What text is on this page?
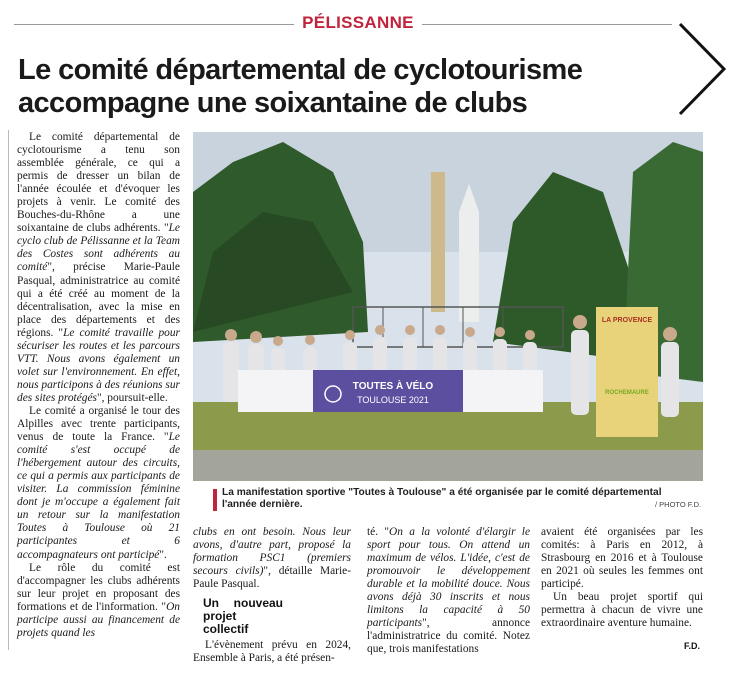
PÉLISSANNE
Le comité départemental de cyclotourisme
accompagne une soixantaine de clubs

Le comité départemental de cyclotourisme a tenu son assemblée générale, ce qui a permis de dresser un bilan de l'année écoulée et d'évoquer les projets à venir. Le comité des Bouches-du-Rhône a une soixantaine de clubs adhérents. "Le cyclo club de Pélissanne et la Team des Costes sont adhérents au comité", précise Marie-Paule Pasqual, administratrice au comité qui a été créé au moment de la décentralisation, avec la mise en place des départements et des régions. "Le comité travaille pour sécuriser les routes et les parcours VTT. Nous avons également un volet sur l'environnement. En effet, nous participons à des réunions sur des sites protégés", poursuit-elle.

Le comité a organisé le tour des Alpilles avec trente participants, venus de toute la France. "Le comité s'est occupé de l'hébergement autour des circuits, ce qui a permis aux participants de visiter. La commission féminine dont je m'occupe a également fait un retour sur la manifestation Toutes à Toulouse où 21 participantes et 6 accompagnateurs ont participé".

Le rôle du comité est d'accompagner les clubs adhérents sur leur projet en proposant des formations et de l'information. "On participe aussi au financement de projets quand les

TOUTES À VÉLO
TOULOUSE 2021
LA PROVENCE
ROCHEMAURE
La manifestation sportive "Toutes à Toulouse" a été organisée par le comité départemental
l'année dernière.	/ PHOTO F.D.

clubs en ont besoin. Nous leur avons, d'autre part, proposé la formation PSC1 (premiers secours civils)", détaille Marie-Paule Pasqual.

Un nouveau projet collectif

L'évènement prévu en 2024, Ensemble à Paris, a été présen-

té. "On a la volonté d'élargir le sport pour tous. On attend un maximum de vélos. L'idée, c'est de promouvoir le développement durable et la mobilité douce. Nous avons déjà 30 inscrits et nous limitons la capacité à 50 participants", annonce l'administratrice du comité. Notez que, trois manifestations

avaient été organisées par les comités: à Paris en 2012, à Strasbourg en 2016 et à Toulouse en 2021 où seules les femmes ont participé.

Un beau projet sportif qui permettra à chacun de vivre une extraordinaire aventure humaine.

F.D.
